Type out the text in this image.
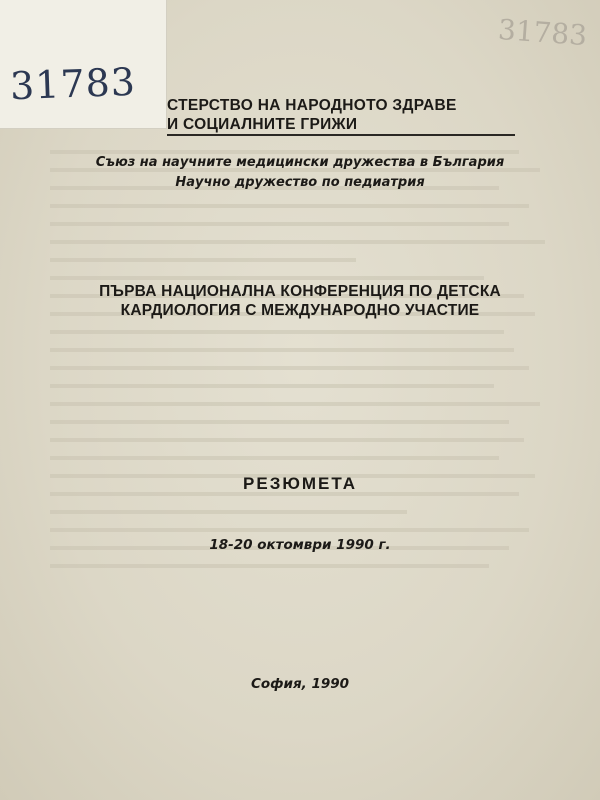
31783
31783
СТЕРСТВО НА НАРОДНОТО ЗДРАВЕ
И СОЦИАЛНИТЕ ГРИЖИ
Съюз на научните медицински дружества в България
Научно дружество по педиатрия
ПЪРВА НАЦИОНАЛНА КОНФЕРЕНЦИЯ ПО ДЕТСКА
КАРДИОЛОГИЯ С МЕЖДУНАРОДНО УЧАСТИЕ
РЕЗЮМЕТА
18-20 октомври 1990 г.
София, 1990
